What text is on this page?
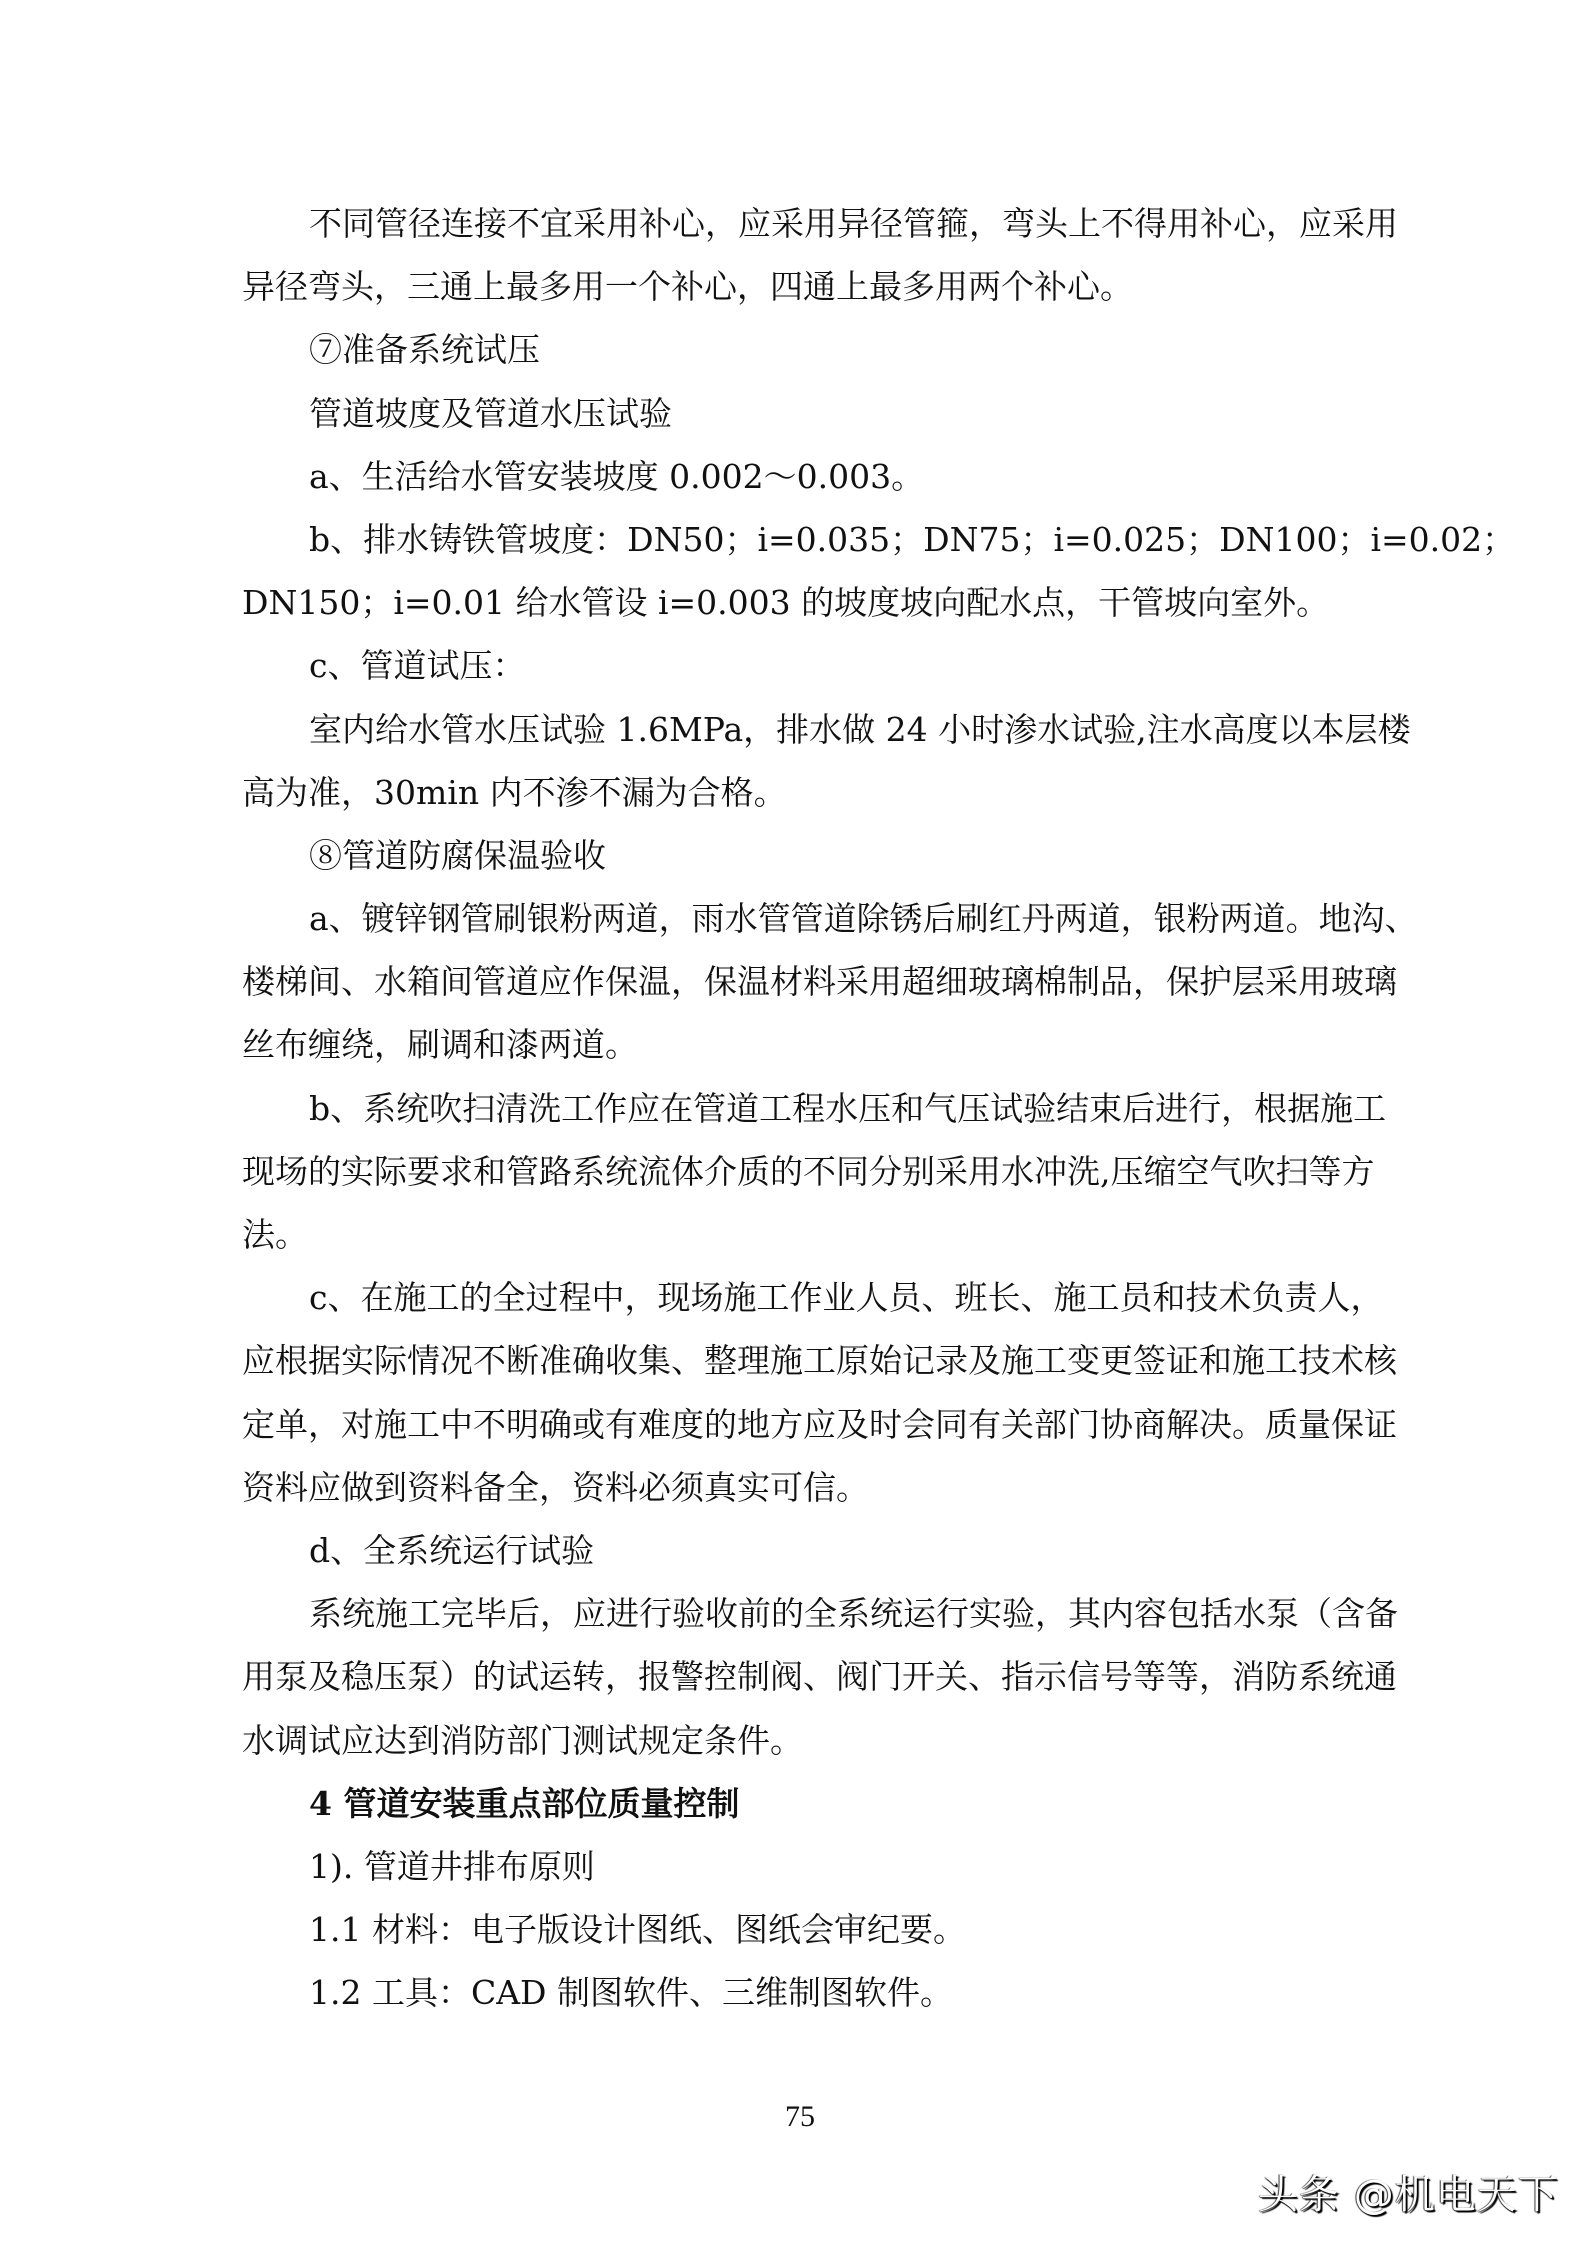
不同管径连接不宜采用补心，应采用异径管箍，弯头上不得用补心，应采用
异径弯头，三通上最多用一个补心，四通上最多用两个补心。
⑦准备系统试压
管道坡度及管道水压试验
a、生活给水管安装坡度 0.002～0.003。
b、排水铸铁管坡度：DN50；i=0.035；DN75；i=0.025；DN100；i=0.02；
DN150；i=0.01 给水管设 i=0.003 的坡度坡向配水点，干管坡向室外。
c、管道试压：
室内给水管水压试验 1.6MPa，排水做 24 小时渗水试验,注水高度以本层楼
高为准，30min 内不渗不漏为合格。
⑧管道防腐保温验收
a、镀锌钢管刷银粉两道，雨水管管道除锈后刷红丹两道，银粉两道。地沟、
楼梯间、水箱间管道应作保温，保温材料采用超细玻璃棉制品，保护层采用玻璃
丝布缠绕，刷调和漆两道。
b、系统吹扫清洗工作应在管道工程水压和气压试验结束后进行，根据施工
现场的实际要求和管路系统流体介质的不同分别采用水冲洗,压缩空气吹扫等方
法。
c、在施工的全过程中，现场施工作业人员、班长、施工员和技术负责人，
应根据实际情况不断准确收集、整理施工原始记录及施工变更签证和施工技术核
定单，对施工中不明确或有难度的地方应及时会同有关部门协商解决。质量保证
资料应做到资料备全，资料必须真实可信。
d、全系统运行试验
系统施工完毕后，应进行验收前的全系统运行实验，其内容包括水泵（含备
用泵及稳压泵）的试运转，报警控制阀、阀门开关、指示信号等等，消防系统通
水调试应达到消防部门测试规定条件。
4 管道安装重点部位质量控制
1). 管道井排布原则
1.1 材料：电子版设计图纸、图纸会审纪要。
1.2 工具：CAD 制图软件、三维制图软件。
75
头条 @机电天下
